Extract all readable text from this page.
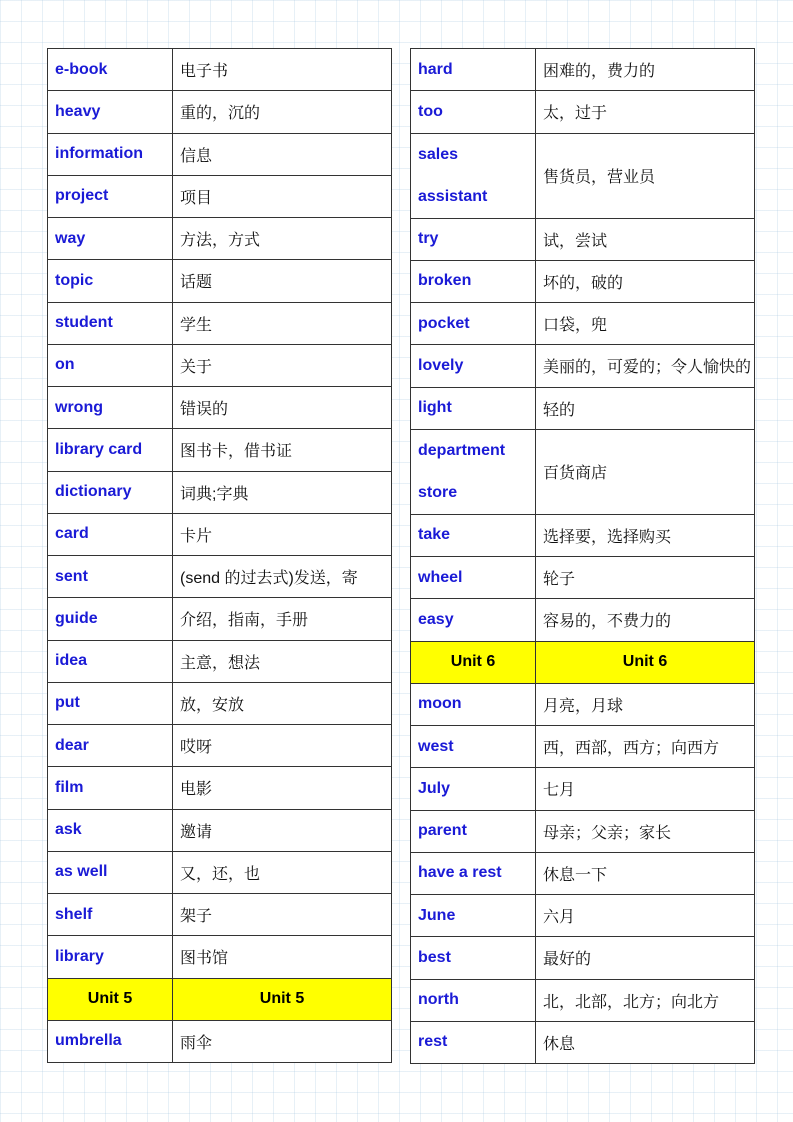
e-book	电子书
heavy	重的，沉的
information	信息
project	项目
way	方法，方式
topic	话题
student	学生
on	关于
wrong	错误的
library card	图书卡，借书证
dictionary	词典;字典
card	卡片
sent	(send 的过去式)发送，寄
guide	介绍，指南，手册
idea	主意，想法
put	放，安放
dear	哎呀
film	电影
ask	邀请
as well	又，还，也
shelf	架子
library	图书馆
Unit 5	Unit 5
umbrella	雨伞
hard	困难的，费力的
too	太，过于

sales
assistant	售货员，营业员
try	试，尝试
broken	坏的，破的
pocket	口袋，兜
lovely	美丽的，可爱的；令人愉快的
light	轻的

department
store	百货商店
take	选择要，选择购买
wheel	轮子
easy	容易的，不费力的
Unit 6	Unit 6
moon	月亮，月球
west	西，西部，西方；向西方
July	七月
parent	母亲；父亲；家长
have a rest	休息一下
June	六月
best	最好的
north	北，北部，北方；向北方
rest	休息
